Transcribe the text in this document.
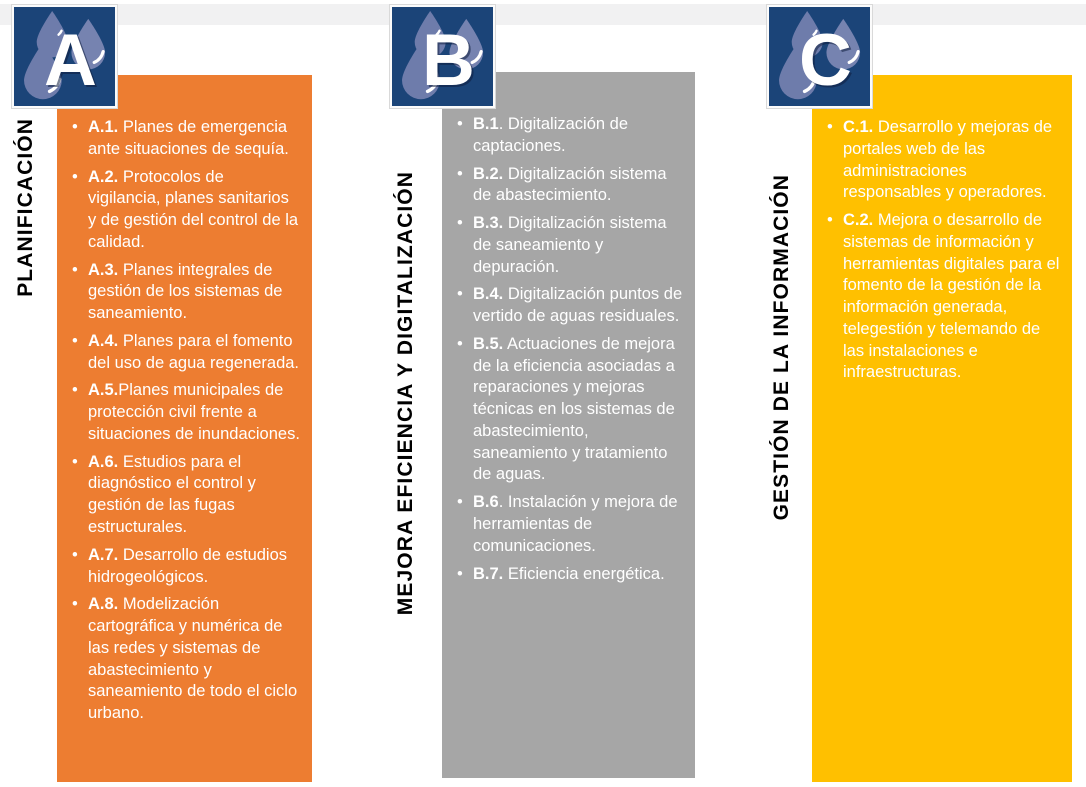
A
PLANIFICACIÓN	• A.1. Planes de emergencia ante situaciones de sequía.
• A.2. Protocolos de vigilancia, planes sanitarios y de gestión del control de la calidad.
• A.3. Planes integrales de gestión de los sistemas de saneamiento.
• A.4. Planes para el fomento del uso de agua regenerada.
• A.5.Planes municipales de protección civil frente a situaciones de inundaciones.
• A.6. Estudios para el diagnóstico el control y gestión de las fugas estructurales.
• A.7. Desarrollo de estudios hidrogeológicos.
• A.8. Modelización cartográfica y numérica de las redes y sistemas de abastecimiento y saneamiento de todo el ciclo urbano.
B
MEJORA EFICIENCIA Y DIGITALIZACIÓN
• B.1. Digitalización de captaciones.
• B.2. Digitalización sistema de abastecimiento.
• B.3. Digitalización sistema de saneamiento y depuración.
• B.4. Digitalización puntos de vertido de aguas residuales.
• B.5. Actuaciones de mejora de la eficiencia asociadas a reparaciones y mejoras técnicas en los sistemas de abastecimiento, saneamiento y tratamiento de aguas.
• B.6. Instalación y mejora de herramientas de comunicaciones.
• B.7. Eficiencia energética.
C
GESTIÓN DE LA INFORMACIÓN
• C.1. Desarrollo y mejoras de portales web de las administraciones responsables y operadores.
• C.2. Mejora o desarrollo de sistemas de información y herramientas digitales para el fomento de la gestión de la información generada, telegestión y telemando de las instalaciones e infraestructuras.
